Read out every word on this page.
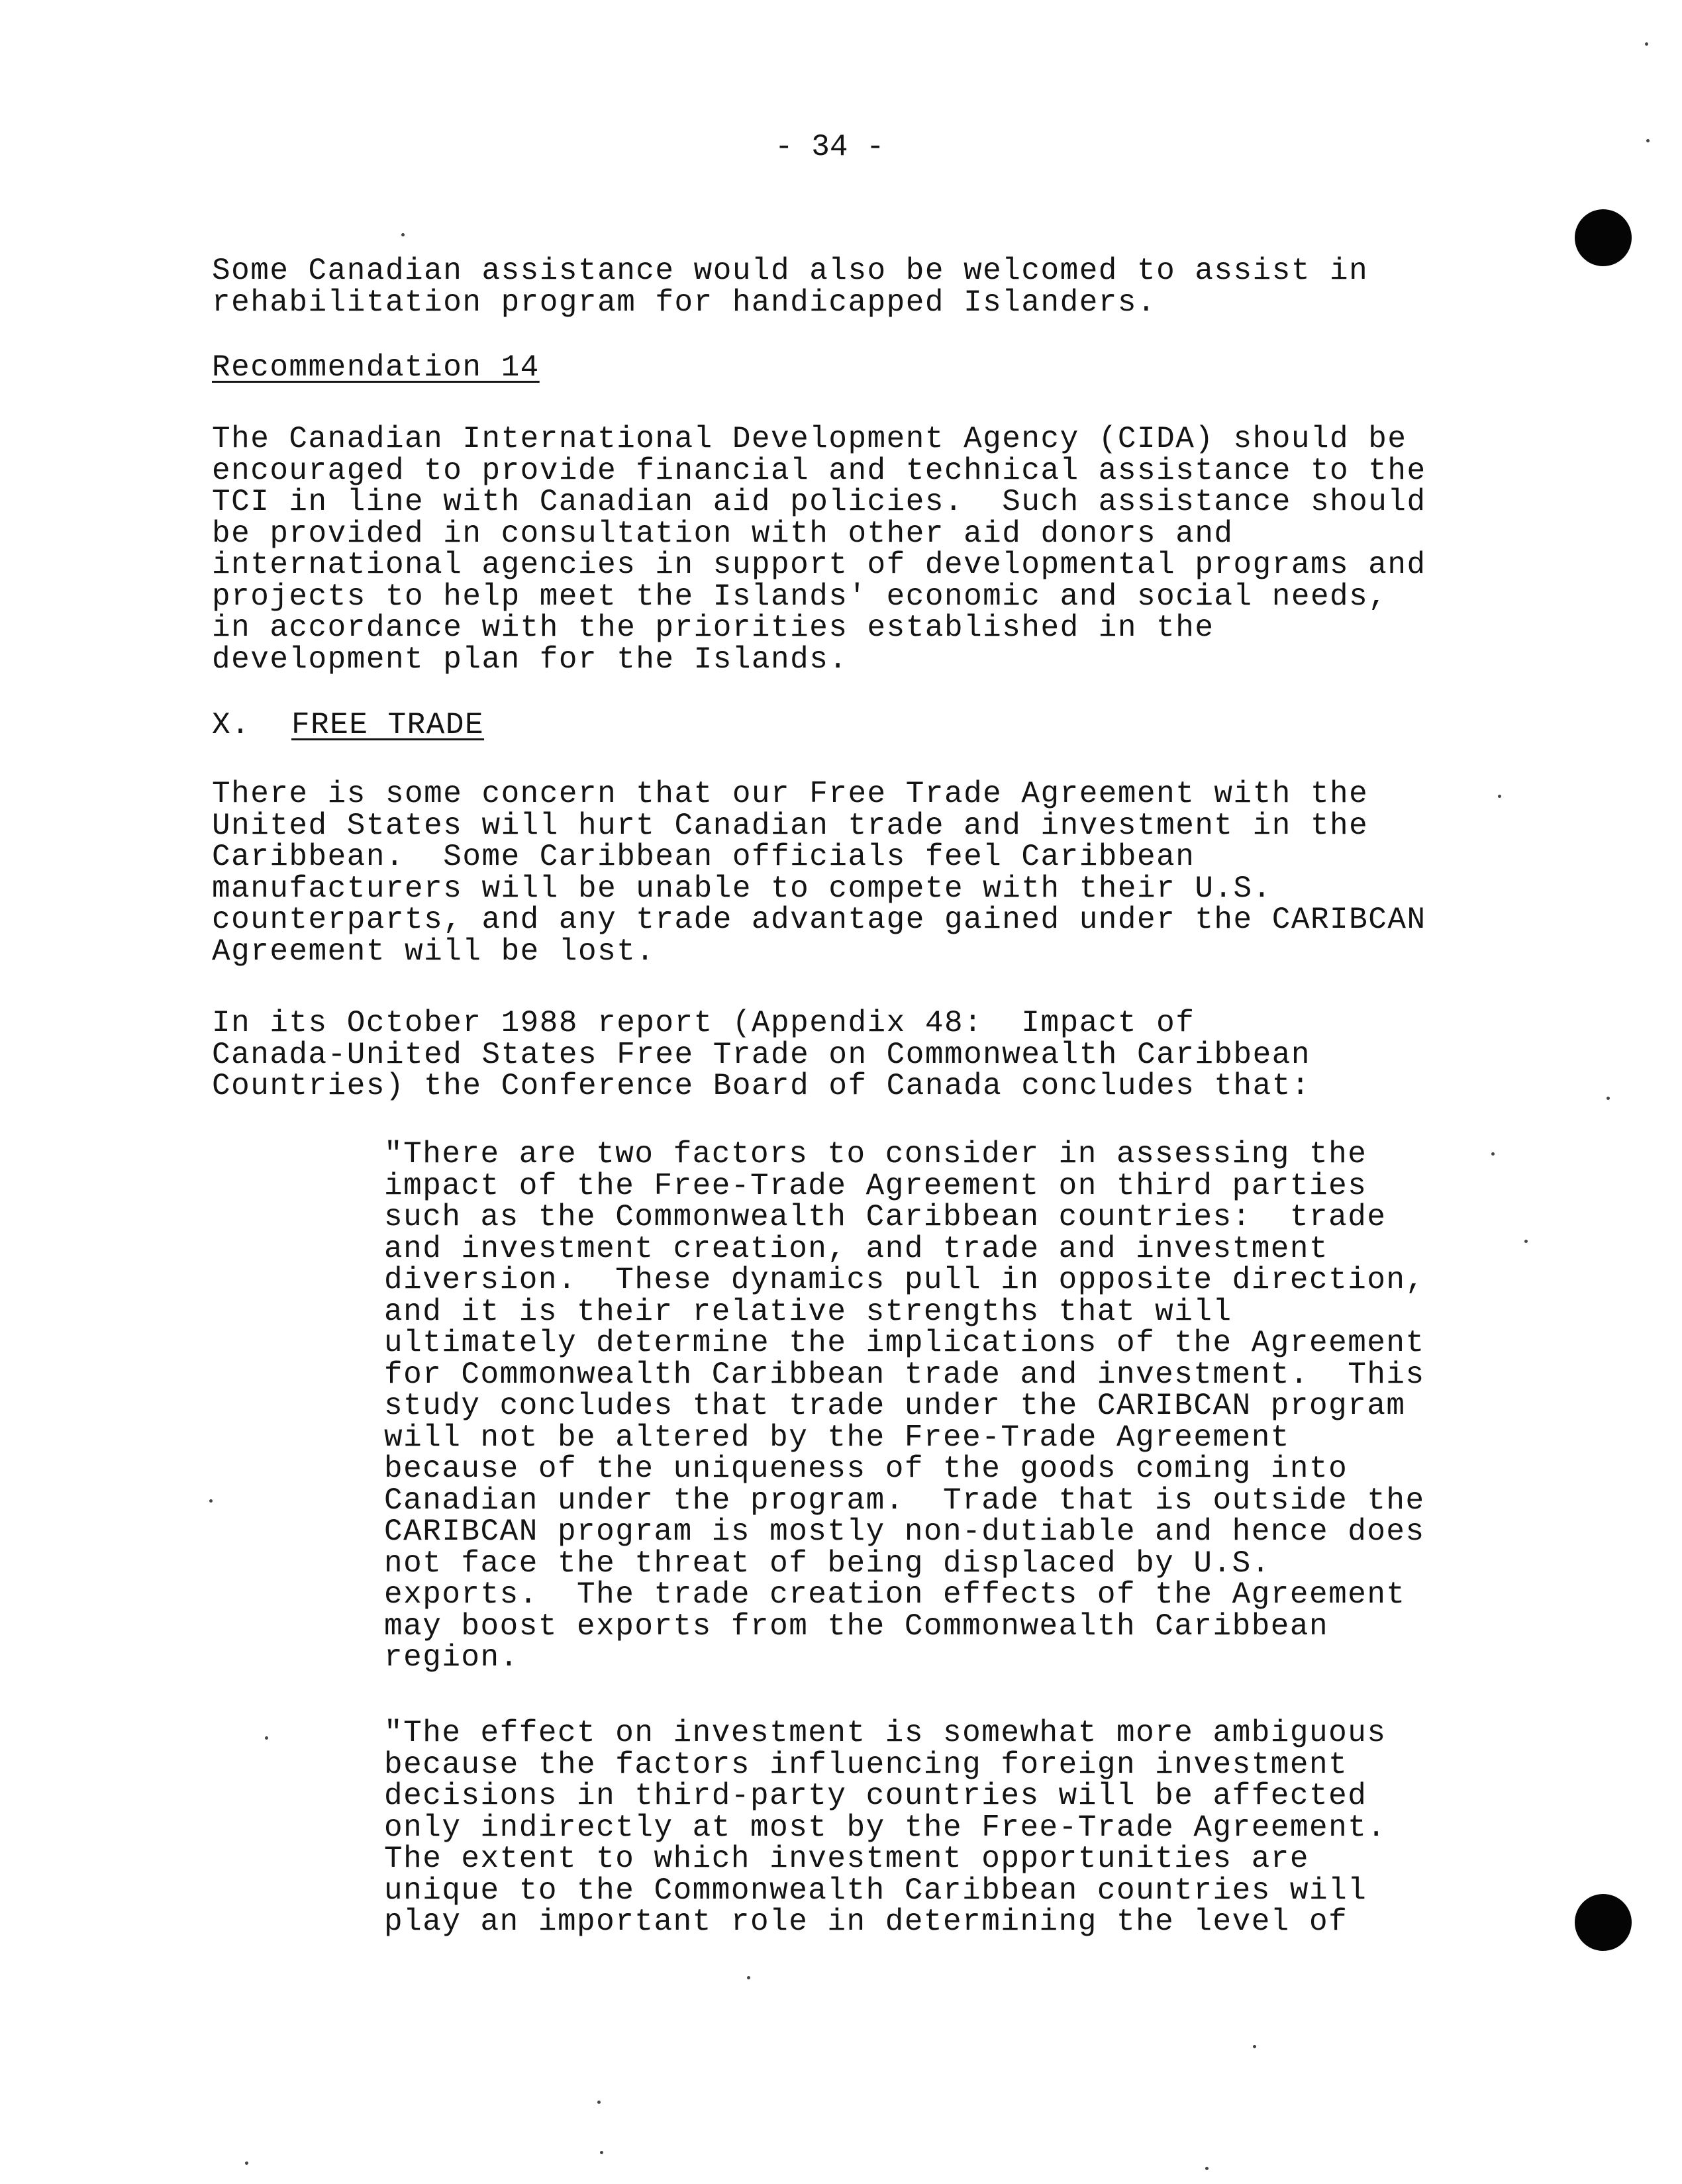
- 34 -
Some Canadian assistance would also be welcomed to assist in
rehabilitation program for handicapped Islanders.
Recommendation 14
The Canadian International Development Agency (CIDA) should be
encouraged to provide financial and technical assistance to the
TCI in line with Canadian aid policies.  Such assistance should
be provided in consultation with other aid donors and
international agencies in support of developmental programs and
projects to help meet the Islands' economic and social needs,
in accordance with the priorities established in the
development plan for the Islands.
X. FREE TRADE
There is some concern that our Free Trade Agreement with the
United States will hurt Canadian trade and investment in the
Caribbean.  Some Caribbean officials feel Caribbean
manufacturers will be unable to compete with their U.S.
counterparts, and any trade advantage gained under the CARIBCAN
Agreement will be lost.
In its October 1988 report (Appendix 48:  Impact of
Canada-United States Free Trade on Commonwealth Caribbean
Countries) the Conference Board of Canada concludes that:
"There are two factors to consider in assessing the
impact of the Free-Trade Agreement on third parties
such as the Commonwealth Caribbean countries:  trade
and investment creation, and trade and investment
diversion.  These dynamics pull in opposite direction,
and it is their relative strengths that will
ultimately determine the implications of the Agreement
for Commonwealth Caribbean trade and investment.  This
study concludes that trade under the CARIBCAN program
will not be altered by the Free-Trade Agreement
because of the uniqueness of the goods coming into
Canadian under the program.  Trade that is outside the
CARIBCAN program is mostly non-dutiable and hence does
not face the threat of being displaced by U.S.
exports.  The trade creation effects of the Agreement
may boost exports from the Commonwealth Caribbean
region.
"The effect on investment is somewhat more ambiguous
because the factors influencing foreign investment
decisions in third-party countries will be affected
only indirectly at most by the Free-Trade Agreement.
The extent to which investment opportunities are
unique to the Commonwealth Caribbean countries will
play an important role in determining the level of
